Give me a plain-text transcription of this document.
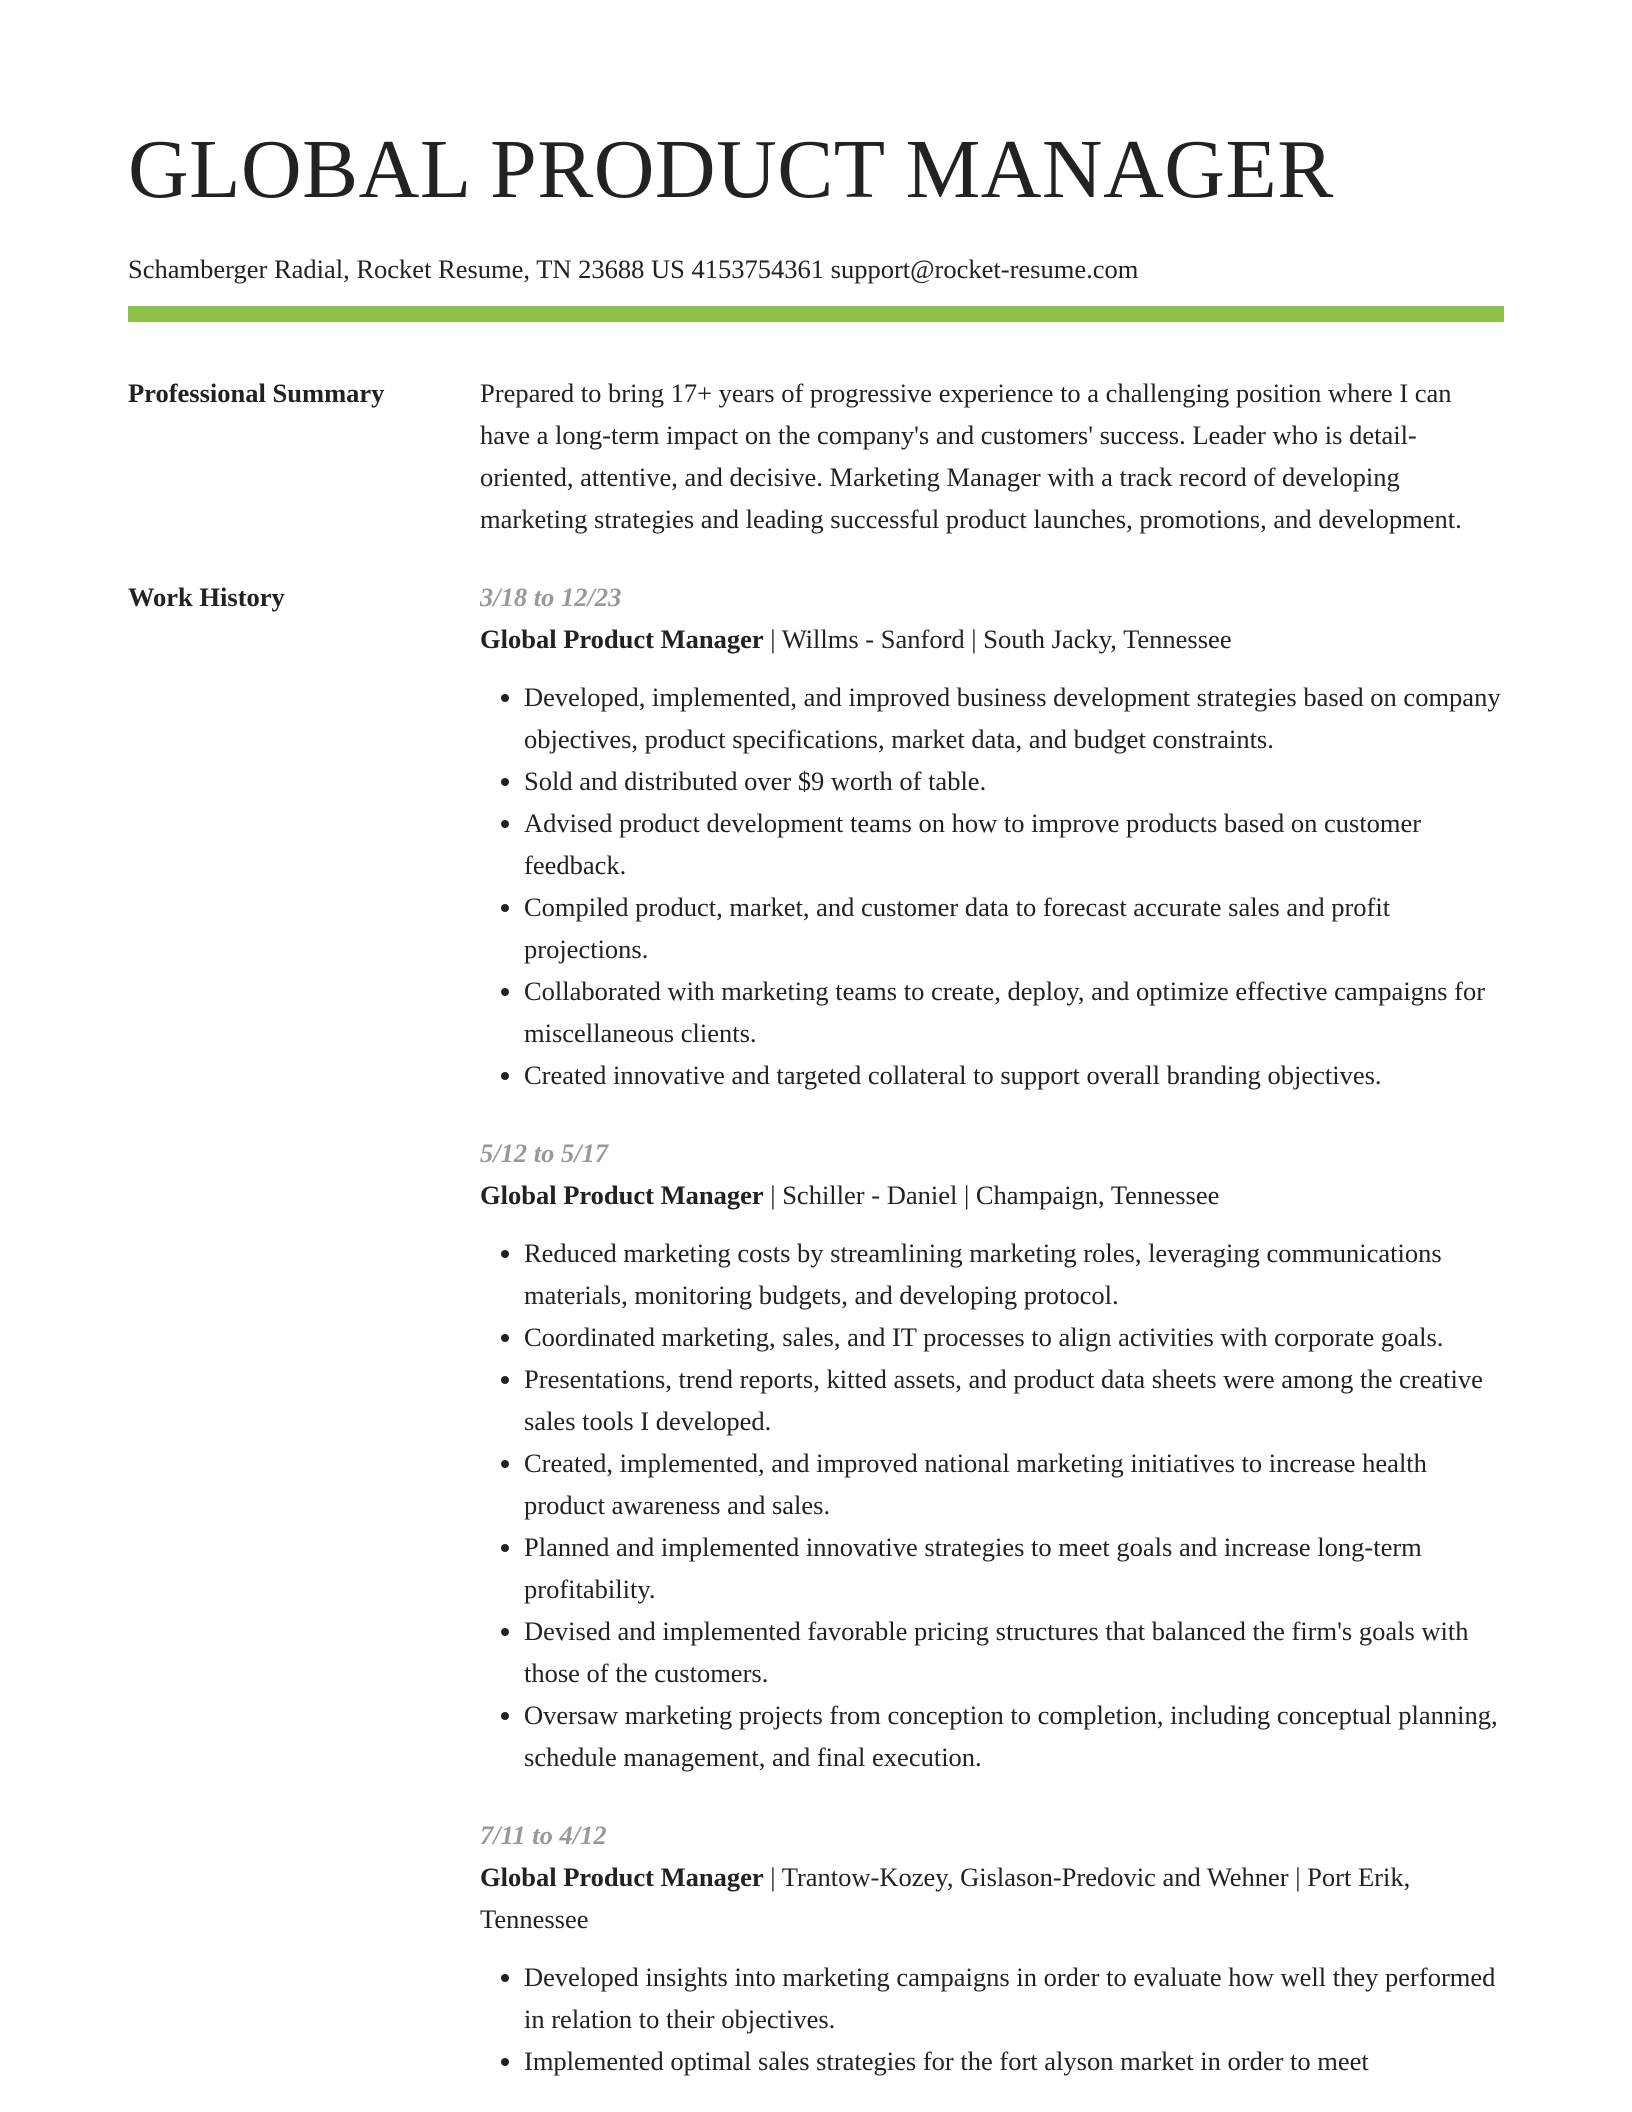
GLOBAL PRODUCT MANAGER
Schamberger Radial, Rocket Resume, TN 23688 US 4153754361 support@rocket-resume.com
Professional Summary	Prepared to bring 17+ years of progressive experience to a challenging position where I can have a long-term impact on the company's and customers' success. Leader who is detail-oriented, attentive, and decisive. Marketing Manager with a track record of developing marketing strategies and leading successful product launches, promotions, and development.

Work History	3/18 to 12/23
Global Product Manager | Willms - Sanford | South Jacky, Tennessee
• Developed, implemented, and improved business development strategies based on company objectives, product specifications, market data, and budget constraints.
• Sold and distributed over $9 worth of table.
• Advised product development teams on how to improve products based on customer feedback.
• Compiled product, market, and customer data to forecast accurate sales and profit projections.
• Collaborated with marketing teams to create, deploy, and optimize effective campaigns for miscellaneous clients.
• Created innovative and targeted collateral to support overall branding objectives.
5/12 to 5/17
Global Product Manager | Schiller - Daniel | Champaign, Tennessee
• Reduced marketing costs by streamlining marketing roles, leveraging communications materials, monitoring budgets, and developing protocol.
• Coordinated marketing, sales, and IT processes to align activities with corporate goals.
• Presentations, trend reports, kitted assets, and product data sheets were among the creative sales tools I developed.
• Created, implemented, and improved national marketing initiatives to increase health product awareness and sales.
• Planned and implemented innovative strategies to meet goals and increase long-term profitability.
• Devised and implemented favorable pricing structures that balanced the firm's goals with those of the customers.
• Oversaw marketing projects from conception to completion, including conceptual planning, schedule management, and final execution.
7/11 to 4/12
Global Product Manager | Trantow-Kozey, Gislason-Predovic and Wehner | Port Erik, Tennessee
• Developed insights into marketing campaigns in order to evaluate how well they performed in relation to their objectives.
• Implemented optimal sales strategies for the fort alyson market in order to meet
